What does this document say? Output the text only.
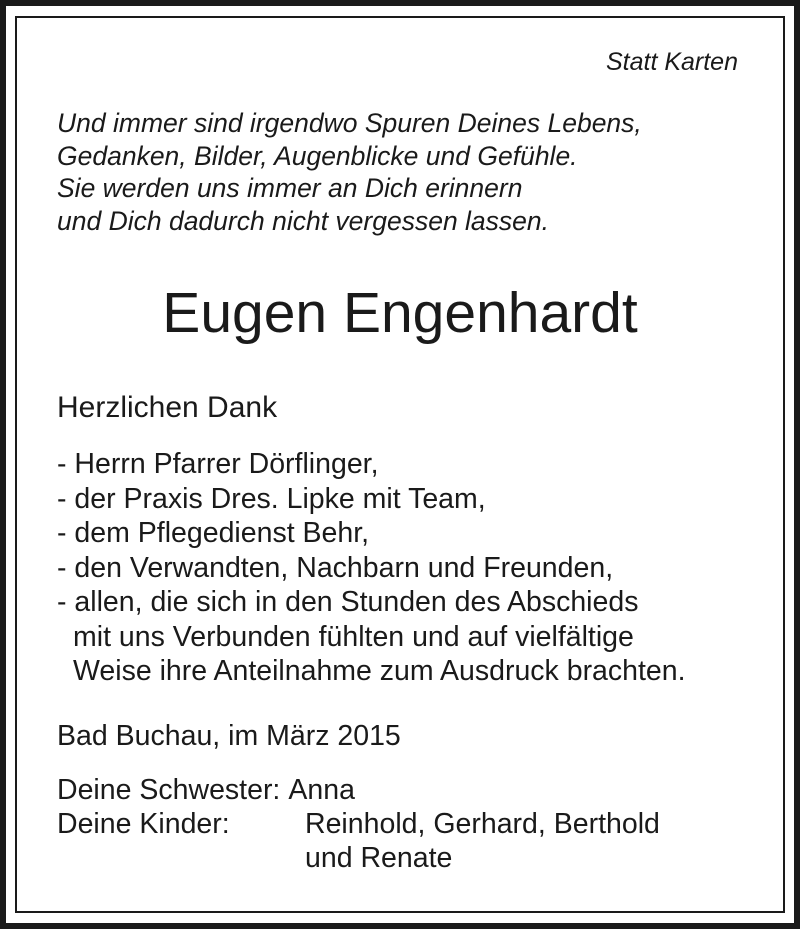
Statt Karten
Und immer sind irgendwo Spuren Deines Lebens,
Gedanken, Bilder, Augenblicke und Gefühle.
Sie werden uns immer an Dich erinnern
und Dich dadurch nicht vergessen lassen.
Eugen Engenhardt
Herzlichen Dank
- Herrn Pfarrer Dörflinger,
- der Praxis Dres. Lipke mit Team,
- dem Pflegedienst Behr,
- den Verwandten, Nachbarn und Freunden,
- allen, die sich in den Stunden des Abschieds
mit uns Verbunden fühlten und auf vielfältige
Weise ihre Anteilnahme zum Ausdruck brachten.
Bad Buchau, im März 2015
Deine Schwester: Anna
Deine Kinder:	Reinhold, Gerhard, Berthold
und Renate
